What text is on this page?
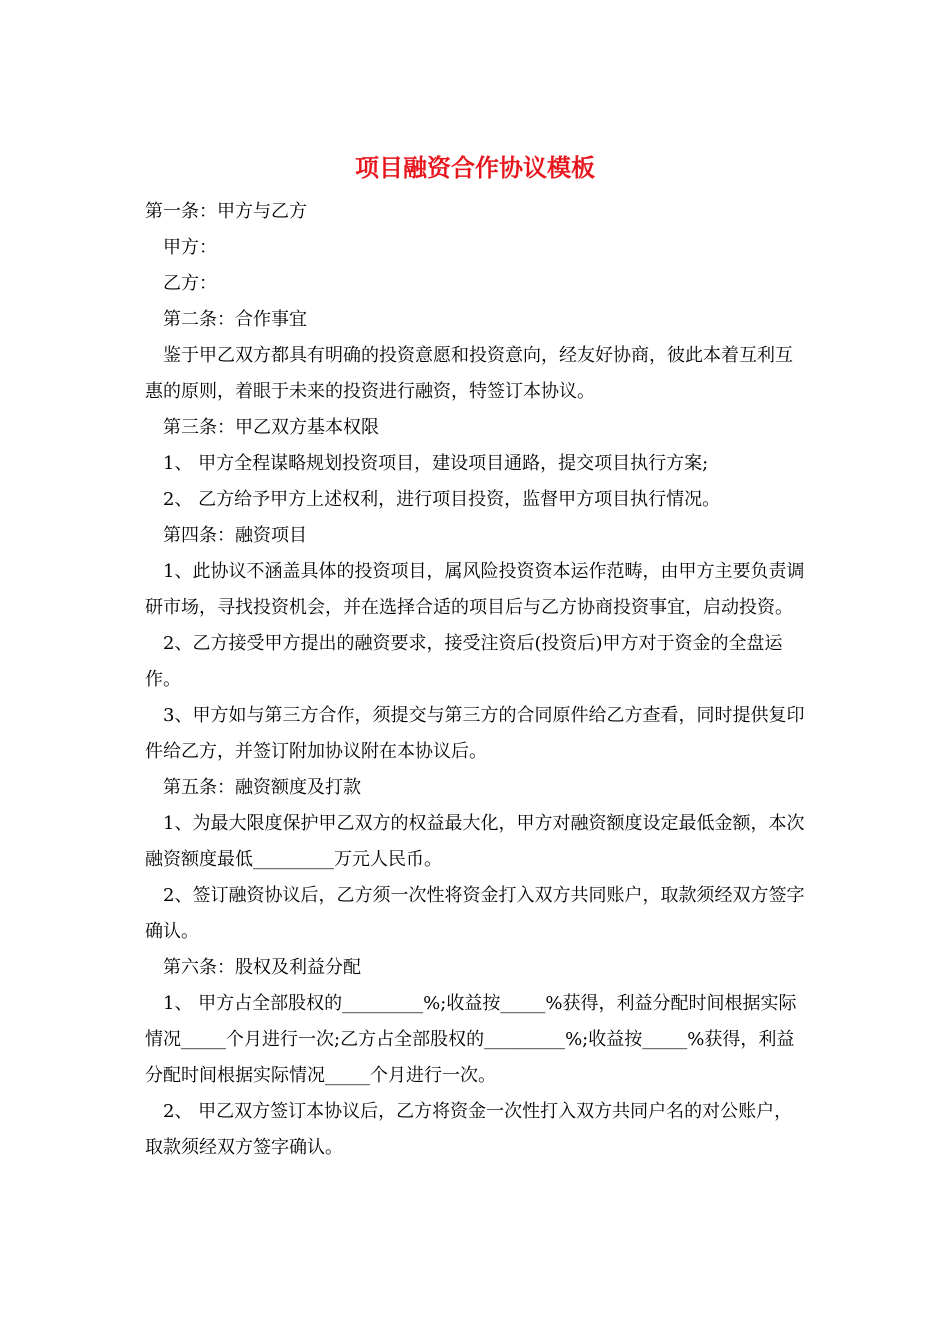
项目融资合作协议模板

第一条：甲方与乙方

甲方：

乙方：

第二条：合作事宜

鉴于甲乙双方都具有明确的投资意愿和投资意向，经友好协商，彼此本着互利互惠的原则，着眼于未来的投资进行融资，特签订本协议。

第三条：甲乙双方基本权限

1、 甲方全程谋略规划投资项目，建设项目通路，提交项目执行方案;

2、 乙方给予甲方上述权利，进行项目投资，监督甲方项目执行情况。

第四条：融资项目

1、此协议不涵盖具体的投资项目，属风险投资资本运作范畴，由甲方主要负责调研市场，寻找投资机会，并在选择合适的项目后与乙方协商投资事宜，启动投资。

2、乙方接受甲方提出的融资要求，接受注资后(投资后)甲方对于资金的全盘运作。

3、甲方如与第三方合作，须提交与第三方的合同原件给乙方查看，同时提供复印件给乙方，并签订附加协议附在本协议后。

第五条：融资额度及打款

1、为最大限度保护甲乙双方的权益最大化，甲方对融资额度设定最低金额，本次融资额度最低_________万元人民币。

2、签订融资协议后，乙方须一次性将资金打入双方共同账户，取款须经双方签字确认。

第六条：股权及利益分配

1、 甲方占全部股权的_________%;收益按_____%获得，利益分配时间根据实际情况_____个月进行一次;乙方占全部股权的_________%;收益按_____%获得，利益分配时间根据实际情况_____个月进行一次。

2、 甲乙双方签订本协议后，乙方将资金一次性打入双方共同户名的对公账户，取款须经双方签字确认。
